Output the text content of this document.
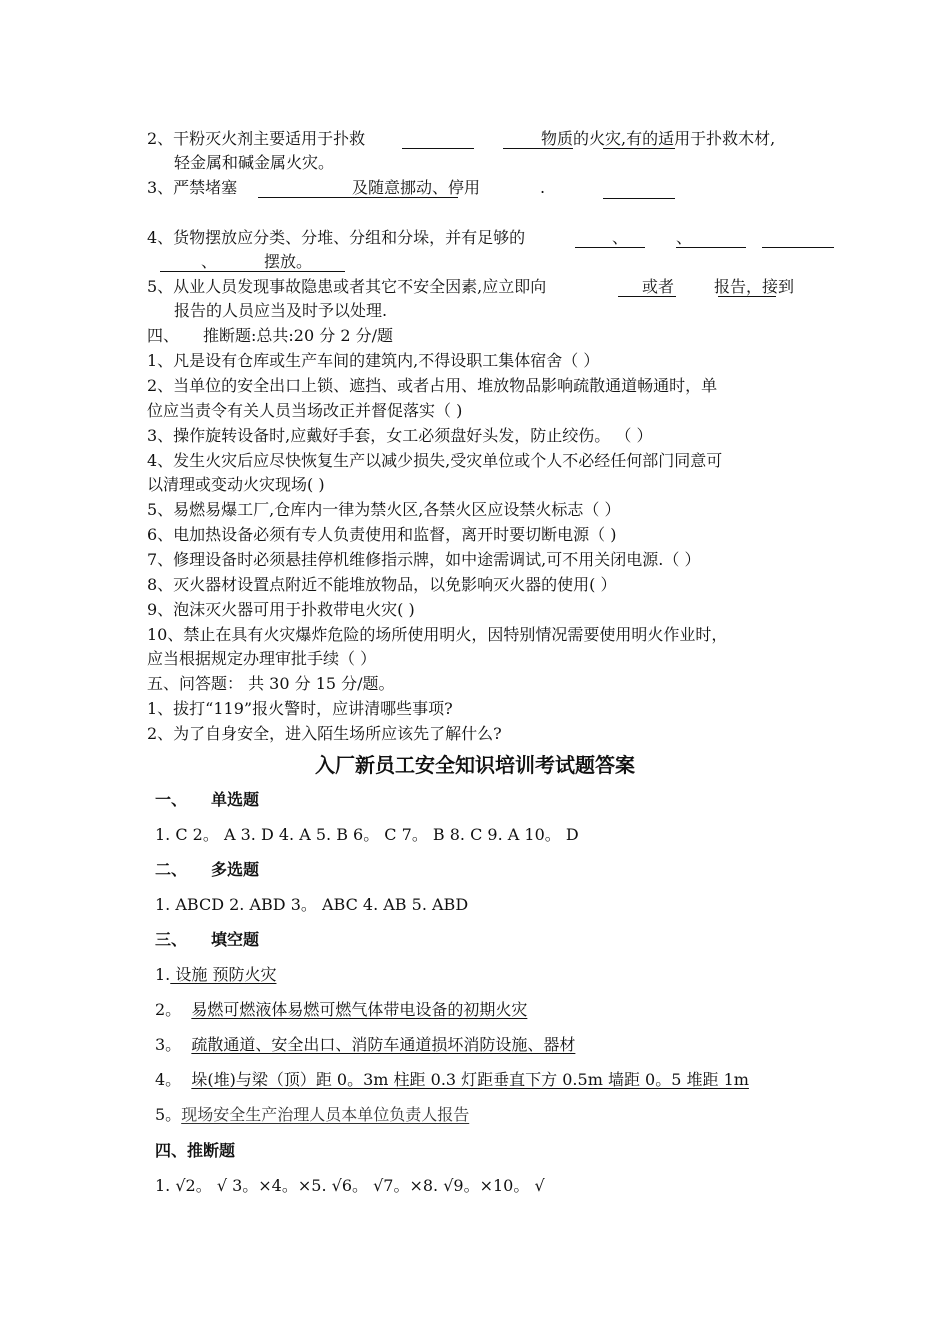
2、干粉灭火剂主要适用于扑救	物质的火灾,有的适用于扑救木材,
轻金属和碱金属火灾。
3、严禁堵塞	及随意挪动、停用	.
4、货物摆放应分类、分堆、分组和分垛，并有足够的	、	、
、	摆放。
5、从业人员发现事故隐患或者其它不安全因素,应立即向	或者 报告，接到
报告的人员应当及时予以处理.
四、　　推断题:总共:20 分 2 分/题
1、凡是设有仓库或生产车间的建筑内,不得设职工集体宿舍（ ）
2、当单位的安全出口上锁、遮挡、或者占用、堆放物品影响疏散通道畅通时，单
位应当责令有关人员当场改正并督促落实（ )
3、操作旋转设备时,应戴好手套，女工必须盘好头发，防止绞伤。 （ ）
4、发生火灾后应尽快恢复生产以减少损失,受灾单位或个人不必经任何部门同意可
以清理或变动火灾现场( )
5、易燃易爆工厂,仓库内一律为禁火区,各禁火区应设禁火标志（ ）
6、电加热设备必须有专人负责使用和监督，离开时要切断电源（ )
7、修理设备时必须悬挂停机维修指示牌，如中途需调试,可不用关闭电源.（ ）
8、灭火器材设置点附近不能堆放物品，以免影响灭火器的使用( ）
9、泡沫灭火器可用于扑救带电火灾( )
10、禁止在具有火灾爆炸危险的场所使用明火，因特别情况需要使用明火作业时，
应当根据规定办理审批手续（ ）
五、问答题： 共 30 分 15 分/题。
1、拔打“119”报火警时，应讲清哪些事项?
2、为了自身安全，进入陌生场所应该先了解什么?
入厂新员工安全知识培训考试题答案
一、　　单选题
1. C 2。 A 3. D 4. A 5. B 6。 C 7。 B 8. C 9. A 10。 D
二、　　多选题
1. ABCD 2. ABD 3。 ABC 4. AB 5. ABD
三、　　填空题
1. 设施 预防火灾
2。 易燃可燃液体易燃可燃气体带电设备的初期火灾
3。 疏散通道、安全出口、消防车通道损坏消防设施、器材
4。 垛(堆)与梁（顶）距 0。3m 柱距 0.3 灯距垂直下方 0.5m 墙距 0。5 堆距 1m
5。现场安全生产治理人员本单位负责人报告
四、推断题
1. √2。 √ 3。×4。×5. √6。 √7。×8. √9。×10。 √
